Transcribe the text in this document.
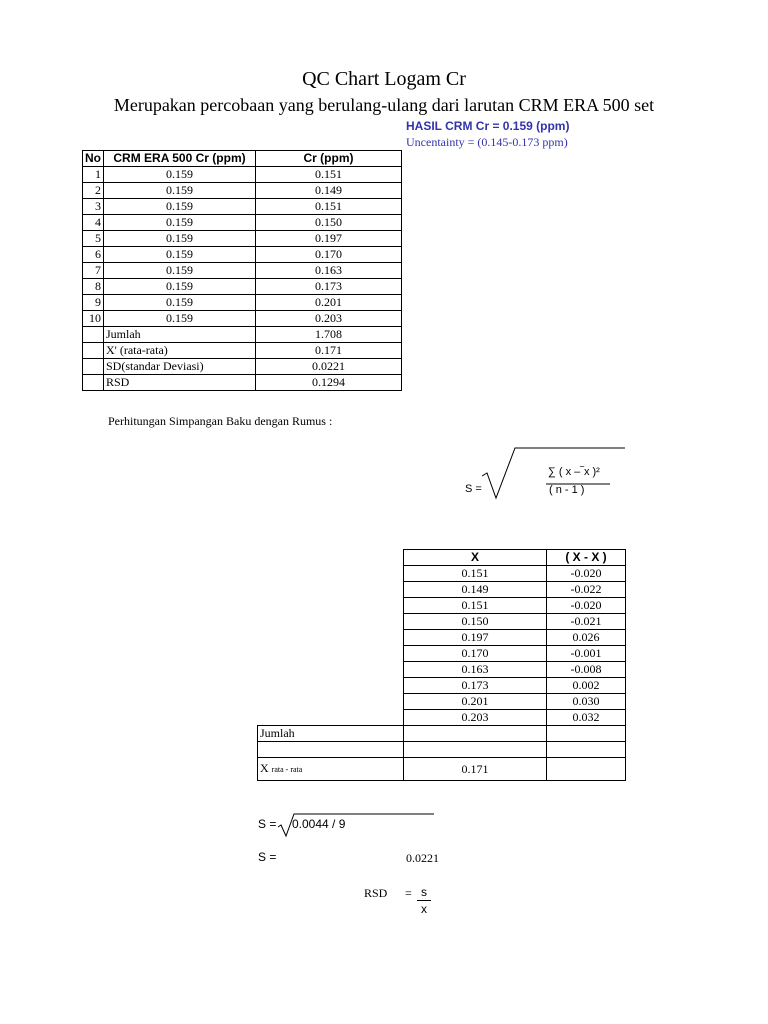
QC Chart Logam Cr
Merupakan percobaan yang berulang-ulang dari larutan CRM ERA 500 set
HASIL CRM Cr = 0.159 (ppm)
Uncentainty = (0.145-0.173 ppm)
No	CRM ERA 500 Cr (ppm)	Cr (ppm)
1	0.159	0.151
2	0.159	0.149
3	0.159	0.151
4	0.159	0.150
5	0.159	0.197
6	0.159	0.170
7	0.159	0.163
8	0.159	0.173
9	0.159	0.201
10	0.159	0.203
	Jumlah	1.708
	X' (rata-rata)	0.171
	SD(standar Deviasi)	0.0221
	RSD	0.1294
Perhitungan Simpangan Baku dengan Rumus :
S =
∑ ( x –‾x )²
( n - 1 )
	X	( X - X )
	0.151	-0.020
	0.149	-0.022
	0.151	-0.020
	0.150	-0.021
	0.197	0.026
	0.170	-0.001
	0.163	-0.008
	0.173	0.002
	0.201	0.030
	0.203	0.032
Jumlah		

X rata - rata	0.171	
S = 0.0044 / 9
S =	0.0221
RSD = s
x
